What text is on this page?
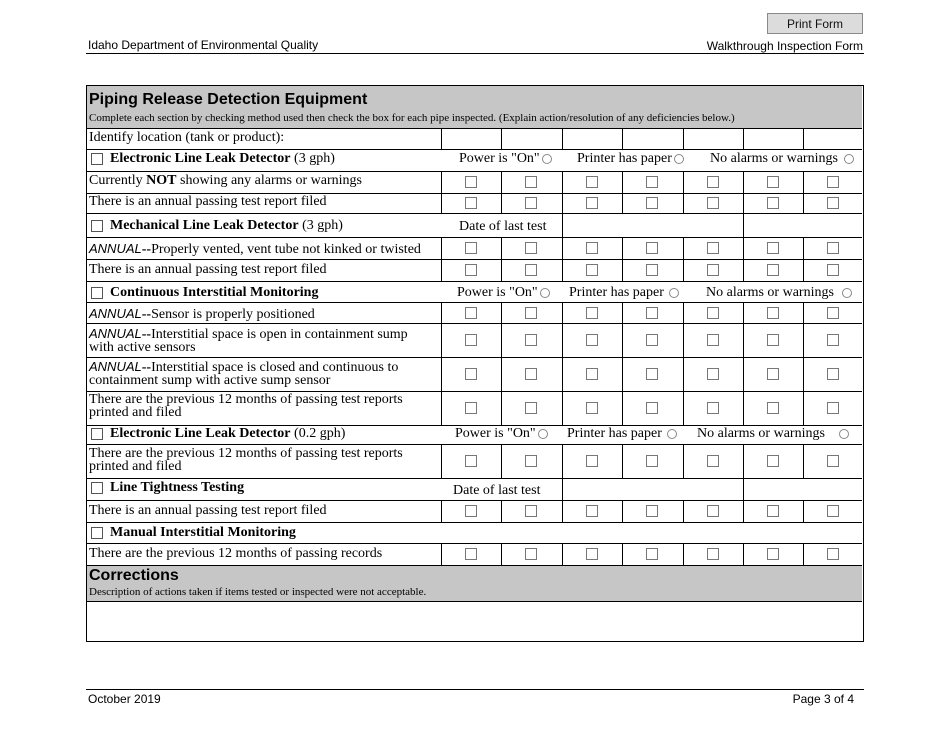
Print Form
Idaho Department of Environmental Quality	Walkthrough Inspection Form
Piping Release Detection Equipment
Complete each section by checking method used then check the box for each pipe inspected. (Explain action/resolution of any deficiencies below.)
Identify location (tank or product):
Electronic Line Leak Detector (3 gph)	Power is "On"	Printer has paper	No alarms or warnings
Currently NOT showing any alarms or warnings
There is an annual passing test report filed
Mechanical Line Leak Detector (3 gph)	Date of last test
ANNUAL--Properly vented, vent tube not kinked or twisted
There is an annual passing test report filed
Continuous Interstitial Monitoring	Power is "On"	Printer has paper	No alarms or warnings
ANNUAL--Sensor is properly positioned
ANNUAL--Interstitial space is open in containment sump
with active sensors
ANNUAL--Interstitial space is closed and continuous to
containment sump with active sump sensor
There are the previous 12 months of passing test reports
printed and filed
Electronic Line Leak Detector (0.2 gph)	Power is "On"	Printer has paper	No alarms or warnings
There are the previous 12 months of passing test reports
printed and filed
Line Tightness Testing	Date of last test
There is an annual passing test report filed
Manual Interstitial Monitoring
There are the previous 12 months of passing records
Corrections
Description of actions taken if items tested or inspected were not acceptable.
October 2019	Page 3 of 4
